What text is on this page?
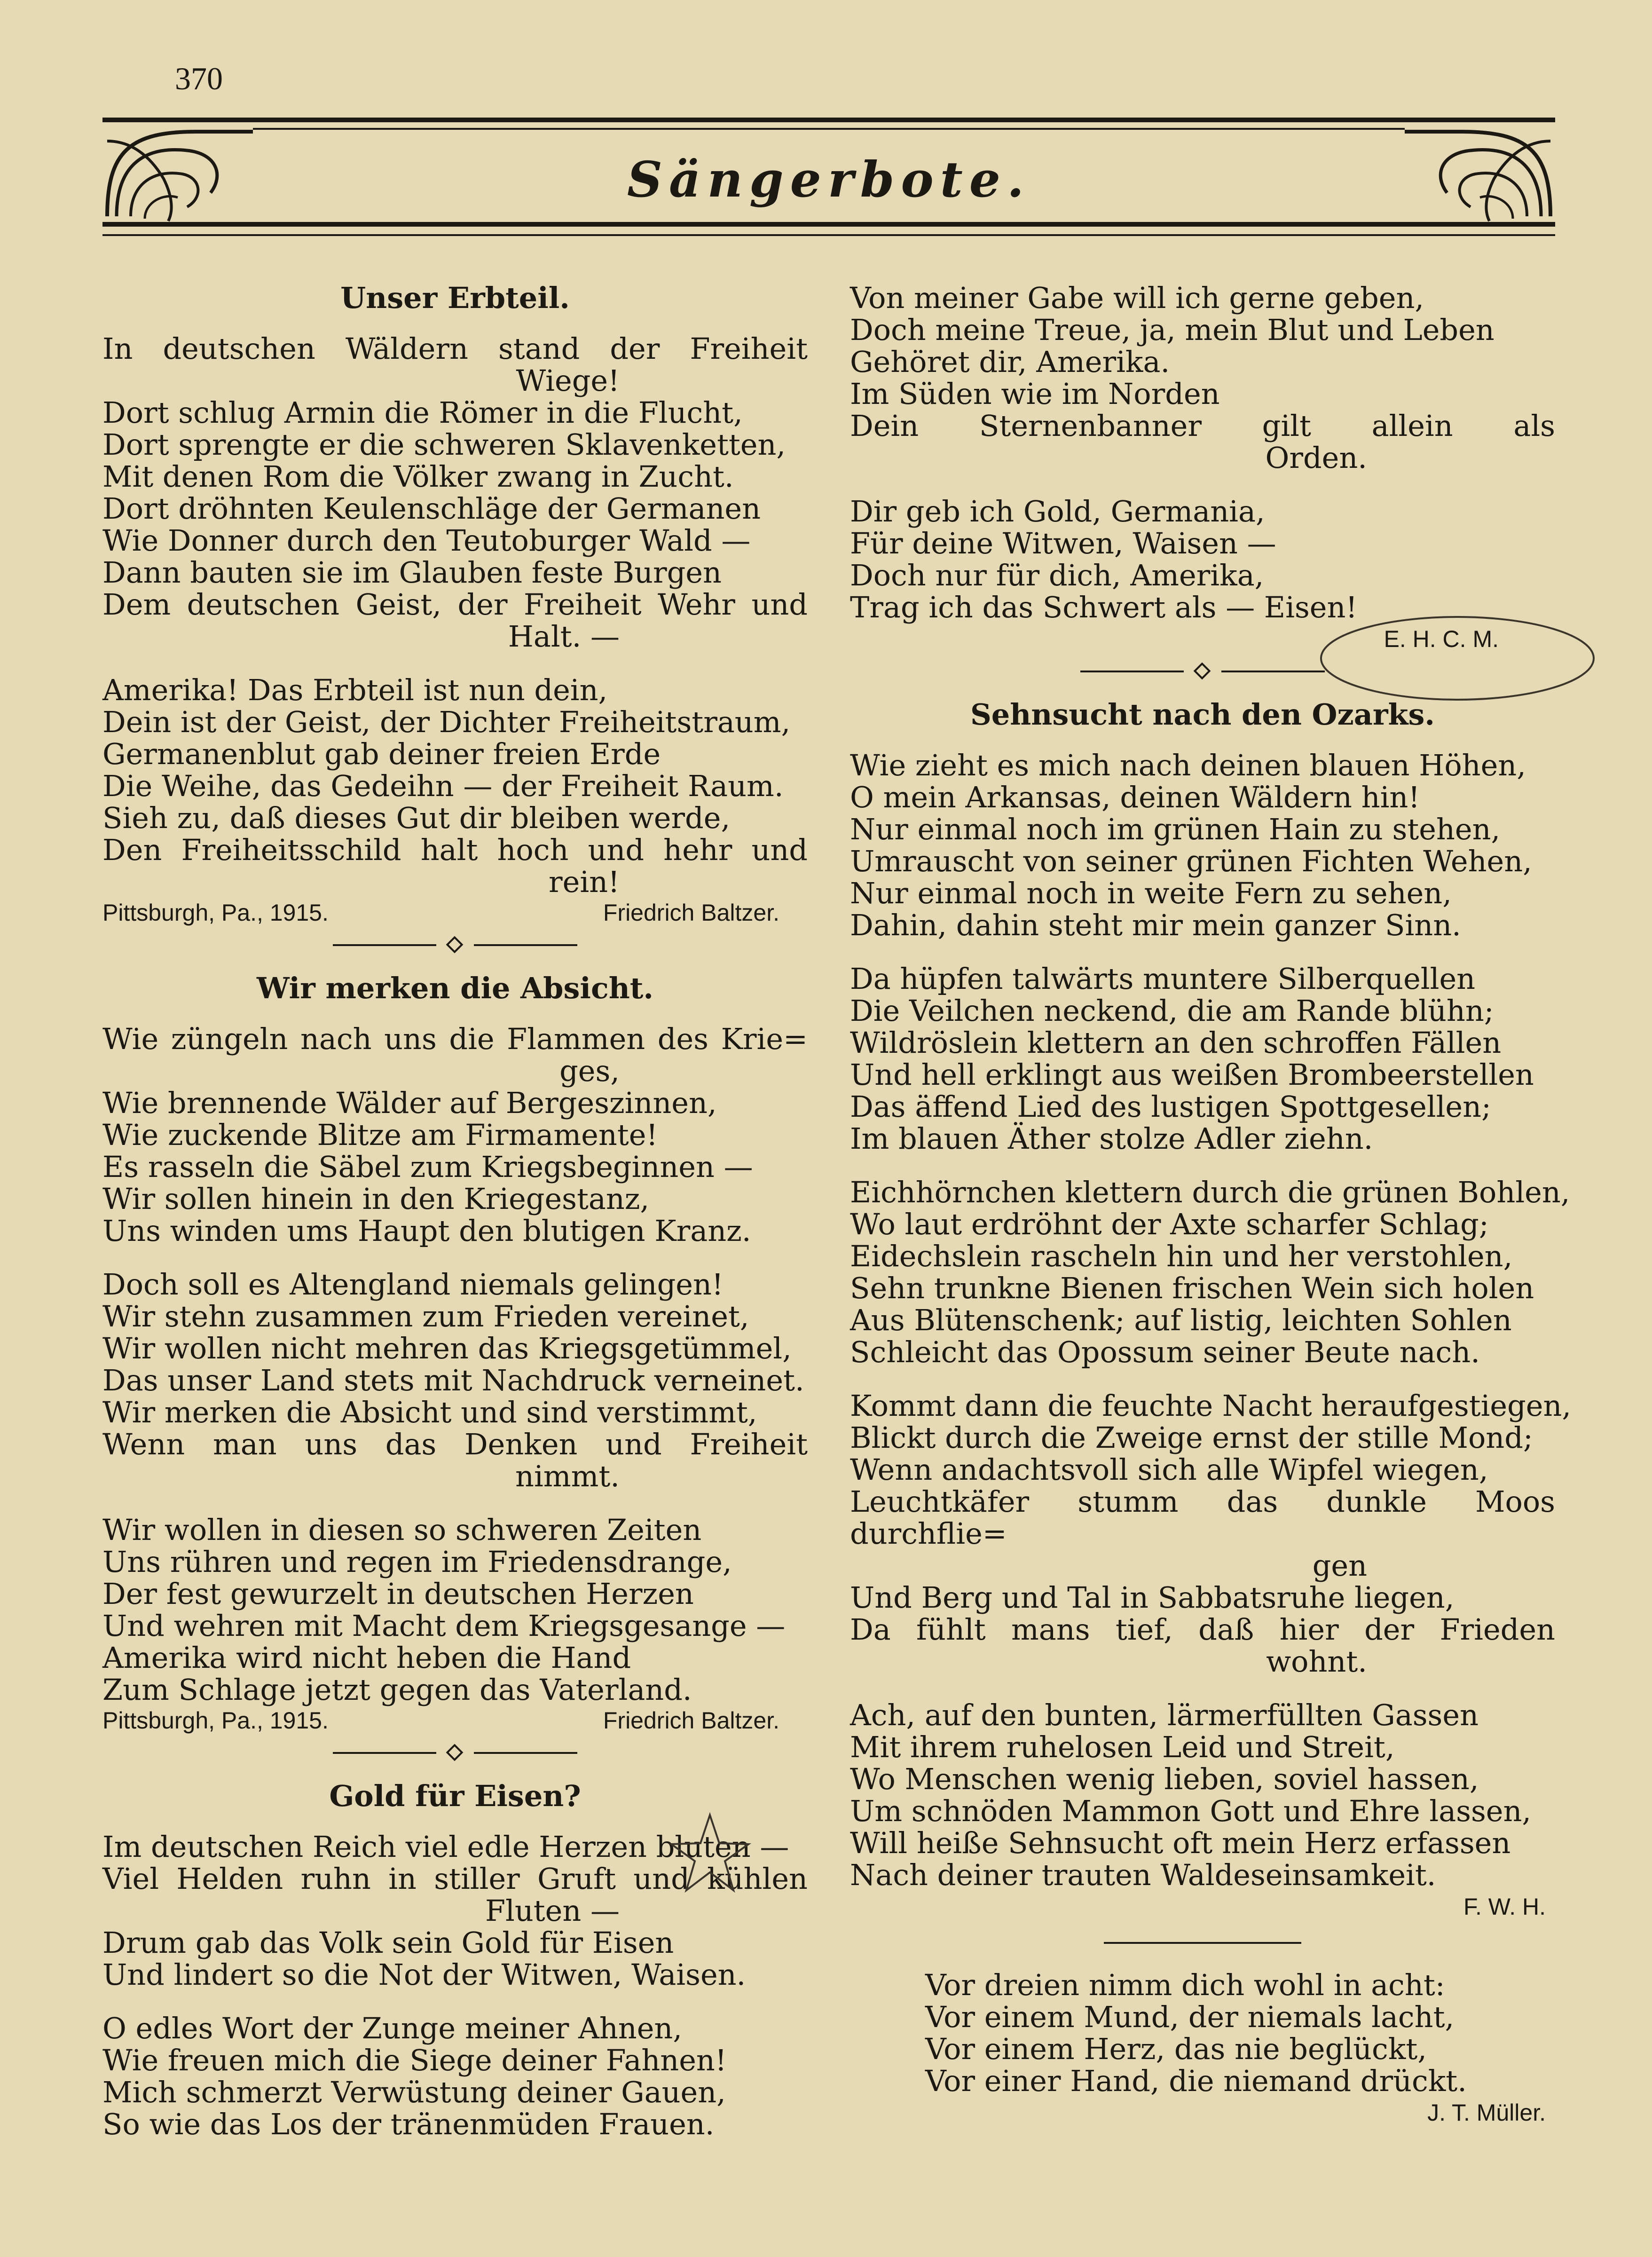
370
Sängerbote.
Unser Erbteil.
In deutschen Wäldern stand der Freiheit
Wiege!
Dort schlug Armin die Römer in die Flucht,
Dort sprengte er die schweren Sklavenketten,
Mit denen Rom die Völker zwang in Zucht.
Dort dröhnten Keulenschläge der Germanen
Wie Donner durch den Teutoburger Wald —
Dann bauten sie im Glauben feste Burgen
Dem deutschen Geist, der Freiheit Wehr und
Halt. —
Amerika! Das Erbteil ist nun dein,
Dein ist der Geist, der Dichter Freiheitstraum,
Germanenblut gab deiner freien Erde
Die Weihe, das Gedeihn — der Freiheit Raum.
Sieh zu, daß dieses Gut dir bleiben werde,
Den Freiheitsschild halt hoch und hehr und
rein!
Pittsburgh, Pa., 1915.	Friedrich Baltzer.
Wir merken die Absicht.
Wie züngeln nach uns die Flammen des Krie=
ges,
Wie brennende Wälder auf Bergeszinnen,
Wie zuckende Blitze am Firmamente!
Es rasseln die Säbel zum Kriegsbeginnen —
Wir sollen hinein in den Kriegestanz,
Uns winden ums Haupt den blutigen Kranz.
Doch soll es Altengland niemals gelingen!
Wir stehn zusammen zum Frieden vereinet,
Wir wollen nicht mehren das Kriegsgetümmel,
Das unser Land stets mit Nachdruck verneinet.
Wir merken die Absicht und sind verstimmt,
Wenn man uns das Denken und Freiheit
nimmt.
Wir wollen in diesen so schweren Zeiten
Uns rühren und regen im Friedensdrange,
Der fest gewurzelt in deutschen Herzen
Und wehren mit Macht dem Kriegsgesange —
Amerika wird nicht heben die Hand
Zum Schlage jetzt gegen das Vaterland.
Pittsburgh, Pa., 1915.	Friedrich Baltzer.
Gold für Eisen?
Im deutschen Reich viel edle Herzen bluten —
Viel Helden ruhn in stiller Gruft und kühlen
Fluten —
Drum gab das Volk sein Gold für Eisen
Und lindert so die Not der Witwen, Waisen.
O edles Wort der Zunge meiner Ahnen,
Wie freuen mich die Siege deiner Fahnen!
Mich schmerzt Verwüstung deiner Gauen,
So wie das Los der tränenmüden Frauen.
Von meiner Gabe will ich gerne geben,
Doch meine Treue, ja, mein Blut und Leben
Gehöret dir, Amerika.
Im Süden wie im Norden
Dein Sternenbanner gilt allein als
Orden.
Dir geb ich Gold, Germania,
Für deine Witwen, Waisen —
Doch nur für dich, Amerika,
Trag ich das Schwert als — Eisen!
E. H. C. M.
Sehnsucht nach den Ozarks.
Wie zieht es mich nach deinen blauen Höhen,
O mein Arkansas, deinen Wäldern hin!
Nur einmal noch im grünen Hain zu stehen,
Umrauscht von seiner grünen Fichten Wehen,
Nur einmal noch in weite Fern zu sehen,
Dahin, dahin steht mir mein ganzer Sinn.
Da hüpfen talwärts muntere Silberquellen
Die Veilchen neckend, die am Rande blühn;
Wildröslein klettern an den schroffen Fällen
Und hell erklingt aus weißen Brombeerstellen
Das äffend Lied des lustigen Spottgesellen;
Im blauen Äther stolze Adler ziehn.
Eichhörnchen klettern durch die grünen Bohlen,
Wo laut erdröhnt der Axte scharfer Schlag;
Eidechslein rascheln hin und her verstohlen,
Sehn trunkne Bienen frischen Wein sich holen
Aus Blütenschenk; auf listig, leichten Sohlen
Schleicht das Opossum seiner Beute nach.
Kommt dann die feuchte Nacht heraufgestiegen,
Blickt durch die Zweige ernst der stille Mond;
Wenn andachtsvoll sich alle Wipfel wiegen,
Leuchtkäfer stumm das dunkle Moos durchflie=
gen
Und Berg und Tal in Sabbatsruhe liegen,
Da fühlt mans tief, daß hier der Frieden
wohnt.
Ach, auf den bunten, lärmerfüllten Gassen
Mit ihrem ruhelosen Leid und Streit,
Wo Menschen wenig lieben, soviel hassen,
Um schnöden Mammon Gott und Ehre lassen,
Will heiße Sehnsucht oft mein Herz erfassen
Nach deiner trauten Waldeseinsamkeit.
F. W. H.
Vor dreien nimm dich wohl in acht:
Vor einem Mund, der niemals lacht,
Vor einem Herz, das nie beglückt,
Vor einer Hand, die niemand drückt.
J. T. Müller.
